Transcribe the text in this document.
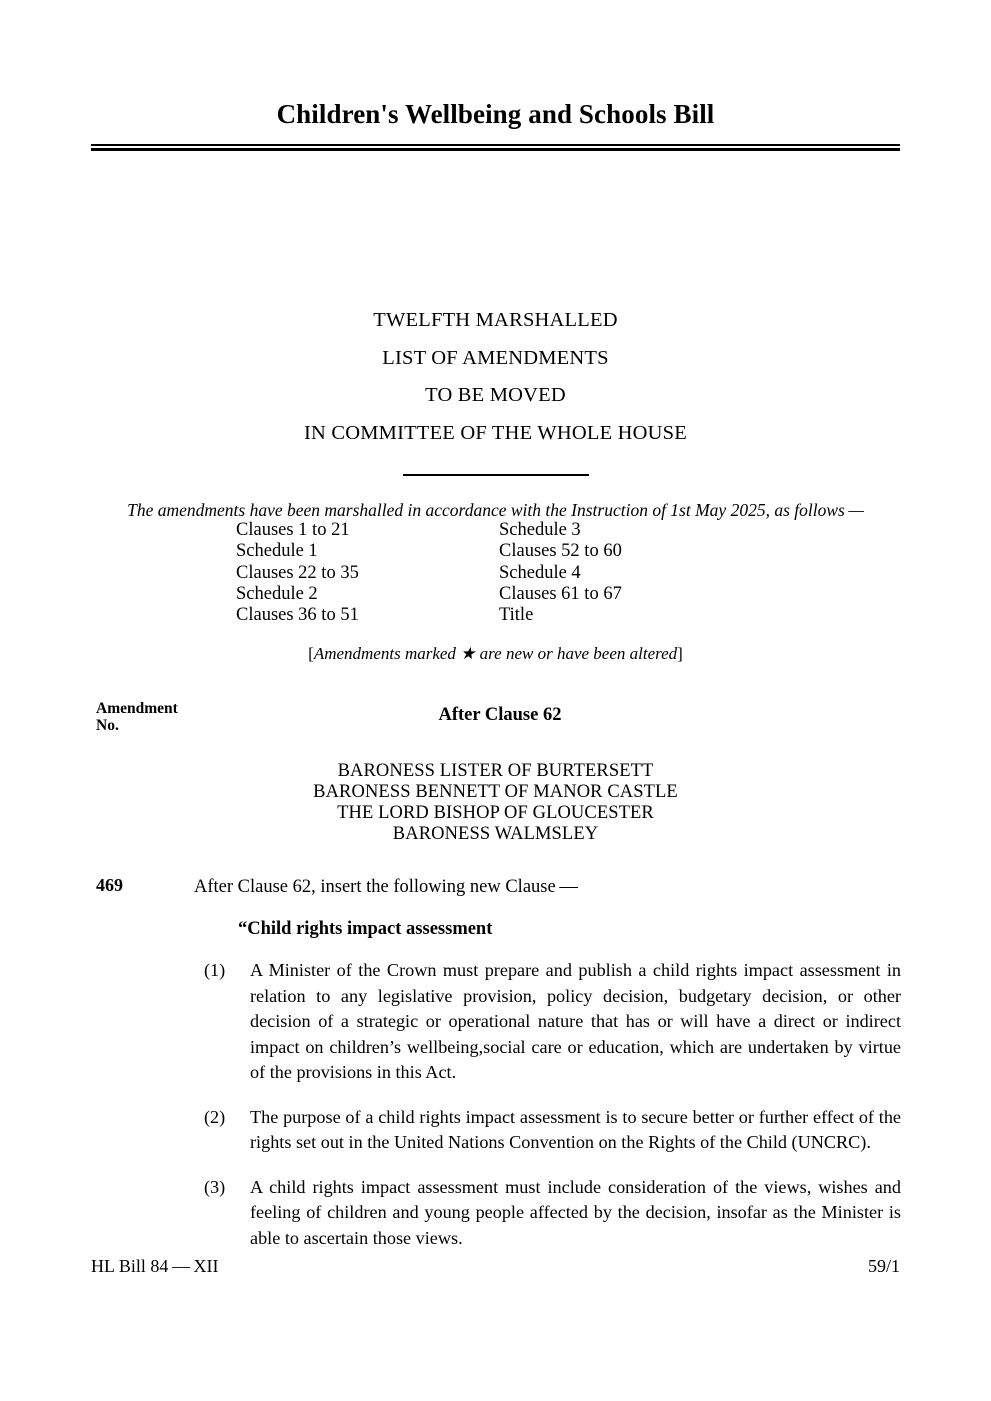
Children's Wellbeing and Schools Bill
TWELFTH MARSHALLED
LIST OF AMENDMENTS
TO BE MOVED
IN COMMITTEE OF THE WHOLE HOUSE
The amendments have been marshalled in accordance with the Instruction of 1st May 2025, as follows —
Clauses 1 to 21	Schedule 3
Schedule 1	Clauses 52 to 60
Clauses 22 to 35	Schedule 4
Schedule 2	Clauses 61 to 67
Clauses 36 to 51	Title
[Amendments marked ★ are new or have been altered]
Amendment
No.	After Clause 62
BARONESS LISTER OF BURTERSETT
BARONESS BENNETT OF MANOR CASTLE
THE LORD BISHOP OF GLOUCESTER
BARONESS WALMSLEY
469	After Clause 62, insert the following new Clause —
“Child rights impact assessment
(1) A Minister of the Crown must prepare and publish a child rights impact assessment in relation to any legislative provision, policy decision, budgetary decision, or other decision of a strategic or operational nature that has or will have a direct or indirect impact on children’s wellbeing,social care or education, which are undertaken by virtue of the provisions in this Act.
(2) The purpose of a child rights impact assessment is to secure better or further effect of the rights set out in the United Nations Convention on the Rights of the Child (UNCRC).
(3) A child rights impact assessment must include consideration of the views, wishes and feeling of children and young people affected by the decision, insofar as the Minister is able to ascertain those views.
HL Bill 84 — XII	59/1
